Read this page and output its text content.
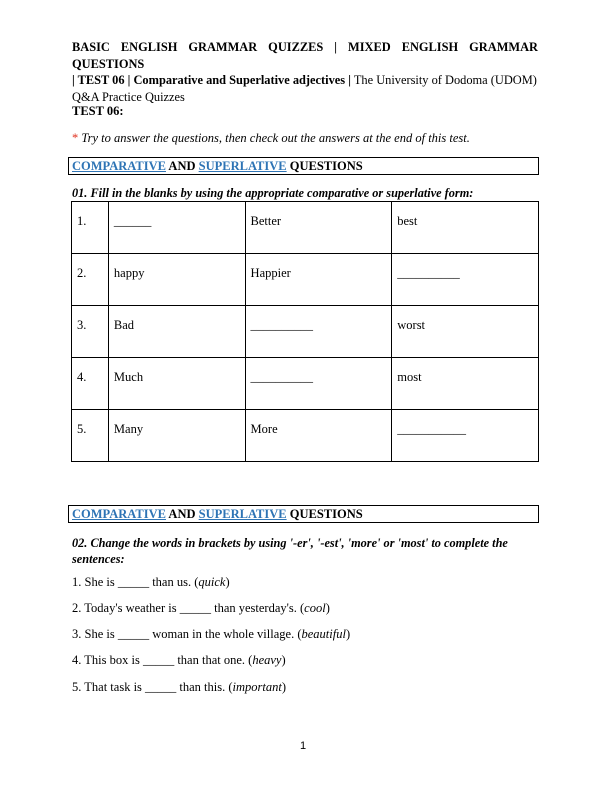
BASIC ENGLISH GRAMMAR QUIZZES | MIXED ENGLISH GRAMMAR QUESTIONS
| TEST 06 | Comparative and Superlative adjectives | The University of Dodoma (UDOM)
Q&A Practice Quizzes
TEST 06:
* Try to answer the questions, then check out the answers at the end of this test.
COMPARATIVE AND SUPERLATIVE QUESTIONS
01. Fill in the blanks by using the appropriate comparative or superlative form:
1.	______	Better	best
2.	happy	Happier	__________
3.	Bad	__________	worst
4.	Much	__________	most
5.	Many	More	___________
COMPARATIVE AND SUPERLATIVE QUESTIONS
02. Change the words in brackets by using '-er', '-est', 'more' or 'most' to complete the sentences:
1. She is _____ than us. (quick)
2. Today's weather is _____ than yesterday's. (cool)
3. She is _____ woman in the whole village. (beautiful)
4. This box is _____ than that one. (heavy)
5. That task is _____ than this. (important)
1
